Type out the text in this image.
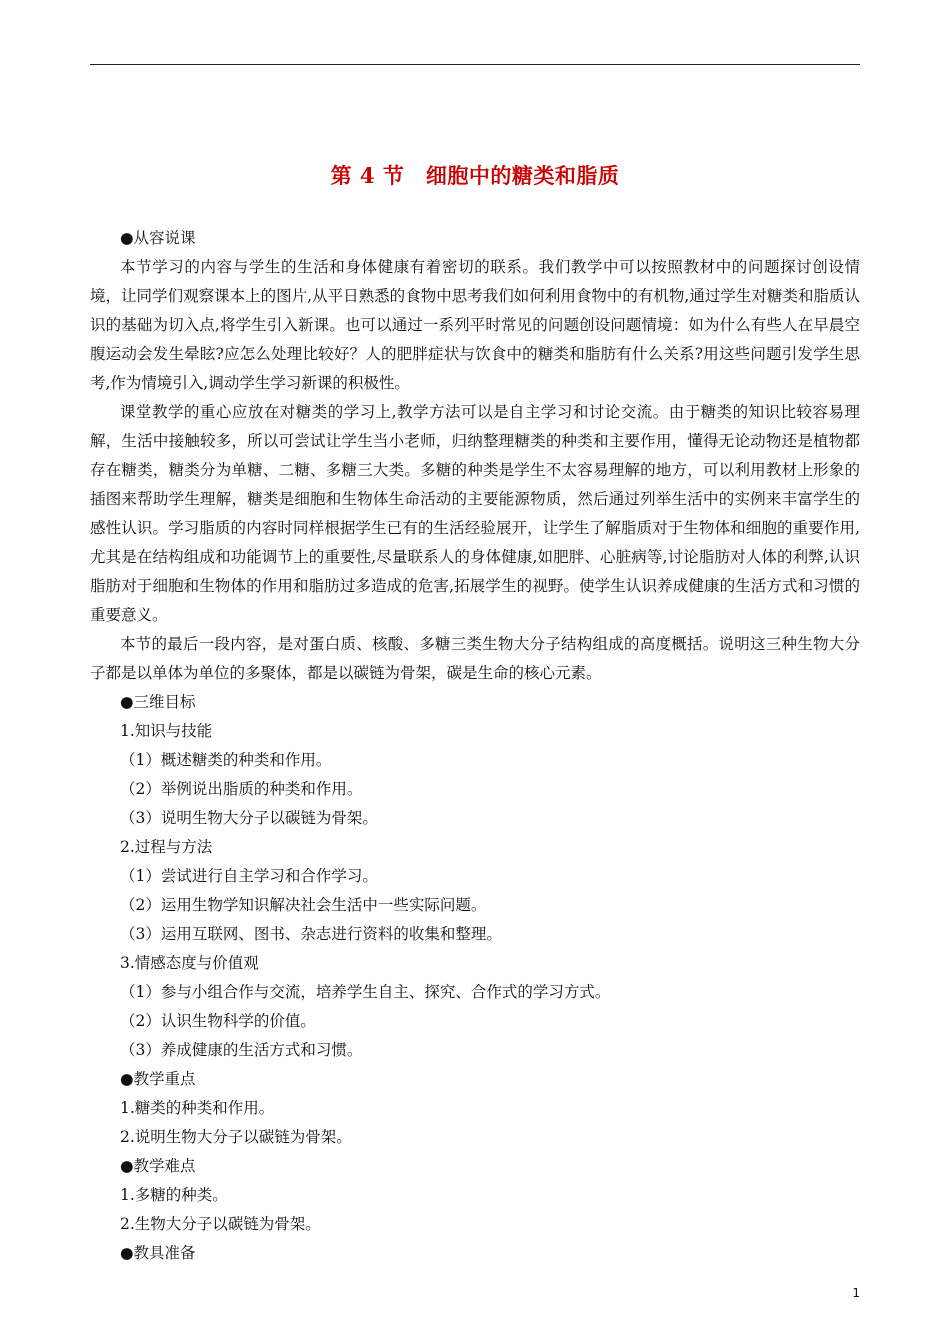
第 4 节　细胞中的糖类和脂质

●从容说课

本节学习的内容与学生的生活和身体健康有着密切的联系。我们教学中可以按照教材中的问题探讨创设情境，让同学们观察课本上的图片,从平日熟悉的食物中思考我们如何利用食物中的有机物,通过学生对糖类和脂质认识的基础为切入点,将学生引入新课。也可以通过一系列平时常见的问题创设问题情境：如为什么有些人在早晨空腹运动会发生晕眩?应怎么处理比较好？人的肥胖症状与饮食中的糖类和脂肪有什么关系?用这些问题引发学生思考,作为情境引入,调动学生学习新课的积极性。

课堂教学的重心应放在对糖类的学习上,教学方法可以是自主学习和讨论交流。由于糖类的知识比较容易理解，生活中接触较多，所以可尝试让学生当小老师，归纳整理糖类的种类和主要作用，懂得无论动物还是植物都存在糖类，糖类分为单糖、二糖、多糖三大类。多糖的种类是学生不太容易理解的地方，可以利用教材上形象的插图来帮助学生理解，糖类是细胞和生物体生命活动的主要能源物质，然后通过列举生活中的实例来丰富学生的感性认识。学习脂质的内容时同样根据学生已有的生活经验展开，让学生了解脂质对于生物体和细胞的重要作用,尤其是在结构组成和功能调节上的重要性,尽量联系人的身体健康,如肥胖、心脏病等,讨论脂肪对人体的利弊,认识脂肪对于细胞和生物体的作用和脂肪过多造成的危害,拓展学生的视野。使学生认识养成健康的生活方式和习惯的重要意义。

本节的最后一段内容，是对蛋白质、核酸、多糖三类生物大分子结构组成的高度概括。说明这三种生物大分子都是以单体为单位的多聚体，都是以碳链为骨架，碳是生命的核心元素。

●三维目标

1.知识与技能

（1）概述糖类的种类和作用。

（2）举例说出脂质的种类和作用。

（3）说明生物大分子以碳链为骨架。

2.过程与方法

（1）尝试进行自主学习和合作学习。

（2）运用生物学知识解决社会生活中一些实际问题。

（3）运用互联网、图书、杂志进行资料的收集和整理。

3.情感态度与价值观

（1）参与小组合作与交流，培养学生自主、探究、合作式的学习方式。

（2）认识生物科学的价值。

（3）养成健康的生活方式和习惯。

●教学重点

1.糖类的种类和作用。

2.说明生物大分子以碳链为骨架。

●教学难点

1.多糖的种类。

2.生物大分子以碳链为骨架。

●教具准备

1
